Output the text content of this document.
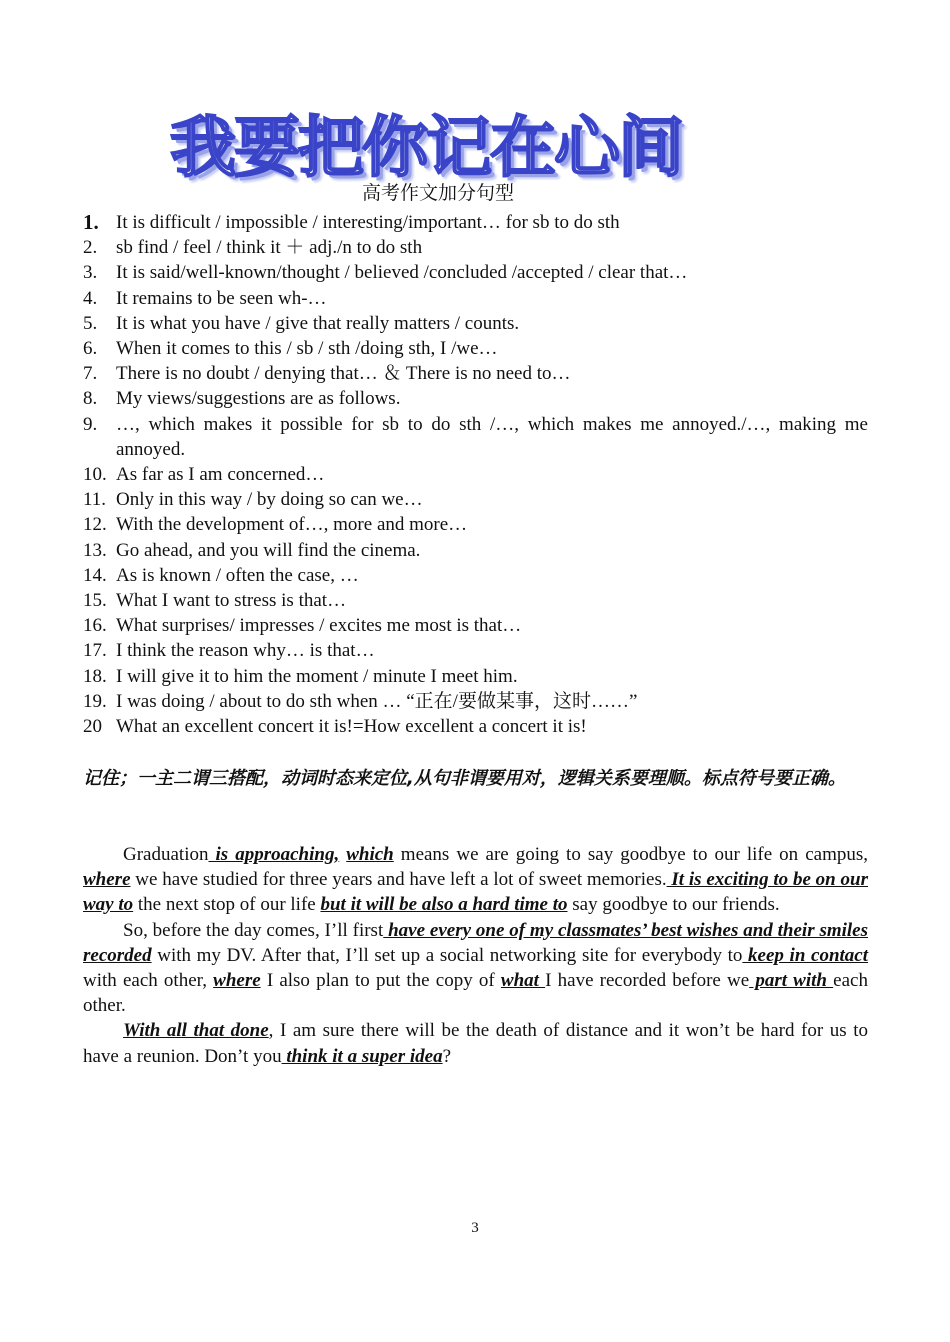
我要把你记在心间
高考作文加分句型
1. It is difficult / impossible / interesting/important… for sb to do sth
2. sb find / feel / think it ＋ adj./n to do sth
3. It is said/well-known/thought / believed /concluded /accepted / clear that…
4. It remains to be seen wh-…
5. It is what you have / give that really matters / counts.
6. When it comes to this / sb / sth /doing sth, I /we…
7. There is no doubt / denying that… ＆ There is no need to…
8. My views/suggestions are as follows.
9. …, which makes it possible for sb to do sth /…, which makes me annoyed./…, making me annoyed.
10. As far as I am concerned…
11. Only in this way / by doing so can we…
12. With the development of…, more and more…
13. Go ahead, and you will find the cinema.
14. As is known / often the case, …
15. What I want to stress is that…
16. What surprises/ impresses / excites me most is that…
17. I think the reason why… is that…
18. I will give it to him the moment / minute I meet him.
19. I was doing / about to do sth when … “正在/要做某事，这时……”
20 What an excellent concert it is!=How excellent a concert it is!
记住；一主二谓三搭配，动词时态来定位,从句非谓要用对，逻辑关系要理顺。标点符号要正确。

Graduation is approaching, which means we are going to say goodbye to our life on campus, where we have studied for three years and have left a lot of sweet memories. It is exciting to be on our way to the next stop of our life but it will be also a hard time to say goodbye to our friends.

So, before the day comes, I’ll first have every one of my classmates’ best wishes and their smiles recorded with my DV. After that, I’ll set up a social networking site for everybody to keep in contact with each other, where I also plan to put the copy of what I have recorded before we part with each other.

With all that done, I am sure there will be the death of distance and it won’t be hard for us to have a reunion. Don’t you think it a super idea?

3
